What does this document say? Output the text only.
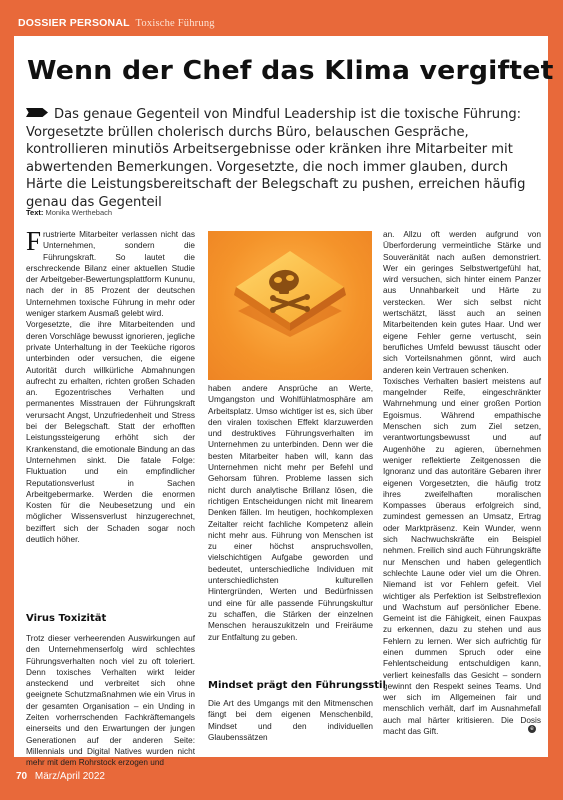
DOSSIER PERSONAL Toxische Führung
Wenn der Chef das Klima vergiftet
Das genaue Gegenteil von Mindful Leadership ist die toxische Führung: Vorgesetzte brüllen cholerisch durchs Büro, belauschen Gespräche, kontrollieren minutiös Arbeitsergebnisse oder kränken ihre Mitarbeiter mit abwertenden Bemerkungen. Vorgesetzte, die noch immer glauben, durch Härte die Leistungsbereitschaft der Belegschaft zu pushen, erreichen häufig genau das Gegenteil
Text: Monika Werthebach

Frustrierte Mitarbeiter verlassen nicht das Unternehmen, sondern die Führungskraft. So lautet die erschreckende Bilanz einer aktuellen Studie der Arbeitgeber-Bewertungsplattform Kununu, nach der in 85 Prozent der deutschen Unternehmen toxische Führung in mehr oder weniger starkem Ausmaß gelebt wird.

Vorgesetzte, die ihre Mitarbeitenden und deren Vorschläge bewusst ignorieren, jegliche private Unterhaltung in der Teeküche rigoros unterbinden oder versuchen, die eigene Autorität durch willkürliche Abmahnungen aufrecht zu erhalten, richten großen Schaden an. Egozentrisches Verhalten und permanentes Misstrauen der Führungskraft verursacht Angst, Unzufriedenheit und Stress bei der Belegschaft. Statt der erhofften Leistungssteigerung erhöht sich der Krankenstand, die emotionale Bindung an das Unternehmen sinkt. Die fatale Folge: Fluktuation und ein empfindlicher Reputationsverlust in Sachen Arbeitgebermarke. Werden die enormen Kosten für die Neubesetzung und ein möglicher Wissensverlust hinzugerechnet, beziffert sich der Schaden sogar noch deutlich höher.

Virus Toxizität

Trotz dieser verheerenden Auswirkungen auf den Unternehmenserfolg wird schlechtes Führungsverhalten noch viel zu oft toleriert. Denn toxisches Verhalten wirkt leider ansteckend und verbreitet sich ohne geeignete Schutzmaßnahmen wie ein Virus in der gesamten Organisation – ein Unding in Zeiten vorherrschenden Fachkräftemangels einerseits und den Erwartungen der jungen Generationen auf der anderen Seite: Millennials und Digital Natives wurden nicht mehr mit dem Rohrstock erzogen und

haben andere Ansprüche an Werte, Umgangston und Wohlfühlatmosphäre am Arbeitsplatz. Umso wichtiger ist es, sich über den viralen toxischen Effekt klarzuwerden und destruktives Führungsverhalten im Unternehmen zu unterbinden. Denn wer die besten Mitarbeiter haben will, kann das Unternehmen nicht mehr per Befehl und Gehorsam führen. Probleme lassen sich nicht durch analytische Brillanz lösen, die richtigen Entscheidungen nicht mit linearem Denken fällen. Im heutigen, hochkomplexen Zeitalter reicht fachliche Kompetenz allein nicht mehr aus. Führung von Menschen ist zu einer höchst anspruchsvollen, vielschichtigen Aufgabe geworden und bedeutet, unterschiedliche Individuen mit unterschiedlichsten kulturellen Hintergründen, Werten und Bedürfnissen und eine für alle passende Führungskultur zu schaffen, die Stärken der einzelnen Menschen herauszukitzeln und Freiräume zur Entfaltung zu geben.

Mindset prägt den Führungsstil

Die Art des Umgangs mit den Mitmenschen fängt bei dem eigenen Menschenbild, Mindset und den individuellen Glaubenssätzen

an. Allzu oft werden aufgrund von Überforderung vermeintliche Stärke und Souveränität nach außen demonstriert. Wer ein geringes Selbstwertgefühl hat, wird versuchen, sich hinter einem Panzer aus Unnahbarkeit und Härte zu verstecken. Wer sich selbst nicht wertschätzt, lässt auch an seinen Mitarbeitenden kein gutes Haar. Und wer eigene Fehler gerne vertuscht, sein berufliches Umfeld bewusst täuscht oder sich Vorteilsnahmen gönnt, wird auch anderen kein Vertrauen schenken.

Toxisches Verhalten basiert meistens auf mangelnder Reife, eingeschränkter Wahrnehmung und einer großen Portion Egoismus. Während empathische Menschen sich zum Ziel setzen, verantwortungsbewusst und auf Augenhöhe zu agieren, übernehmen weniger reflektierte Zeitgenossen die Ignoranz und das autoritäre Gebaren ihrer eigenen Vorgesetzten, die häufig trotz ihres zweifelhaften moralischen Kompasses überaus erfolgreich sind, zumindest gemessen an Umsatz, Ertrag oder Marktpräsenz. Kein Wunder, wenn sich Nachwuchskräfte ein Beispiel nehmen. Freilich sind auch Führungskräfte nur Menschen und haben gelegentlich schlechte Laune oder viel um die Ohren. Niemand ist vor Fehlern gefeit. Viel wichtiger als Perfektion ist Selbstreflexion und Wachstum auf persönlicher Ebene. Gemeint ist die Fähigkeit, einen Fauxpas zu erkennen, dazu zu stehen und aus Fehlern zu lernen. Wer sich aufrichtig für einen dummen Spruch oder eine Fehlentscheidung entschuldigen kann, verliert keinesfalls das Gesicht – sondern gewinnt den Respekt seines Teams. Und wer sich im Allgemeinen fair und menschlich verhält, darf im Ausnahmefall auch mal härter kritisieren. Die Dosis macht das Gift.	e
70 März/April 2022
